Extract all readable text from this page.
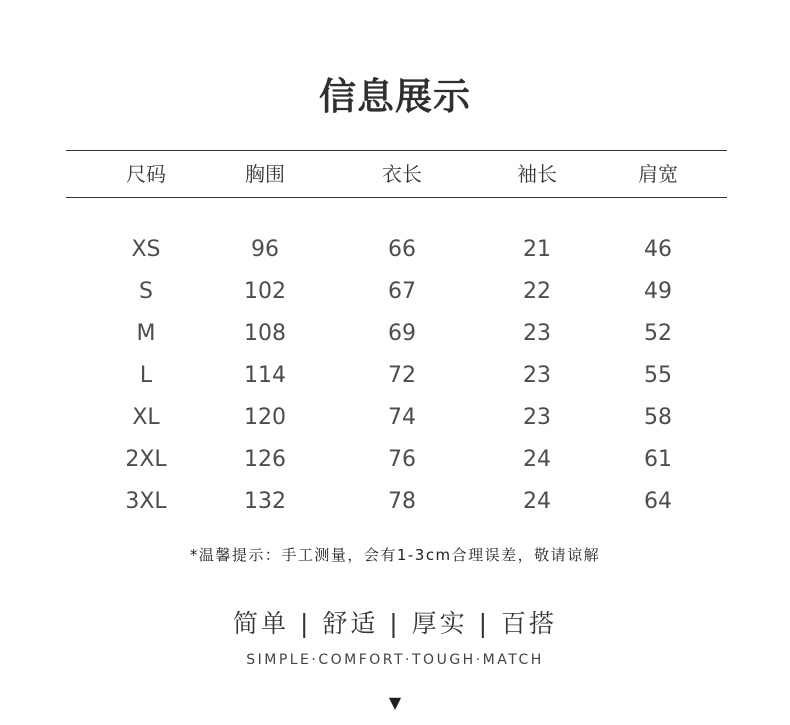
信息展示
尺码	胸围	衣长	袖长	肩宽
XS	96	66	21	46
S	102	67	22	49
M	108	69	23	52
L	114	72	23	55
XL	120	74	23	58
2XL	126	76	24	61
3XL	132	78	24	64
*温馨提示：手工测量，会有1-3cm合理误差，敬请谅解
简单 | 舒适 | 厚实 | 百搭
SIMPLE·COMFORT·TOUGH·MATCH
▼
